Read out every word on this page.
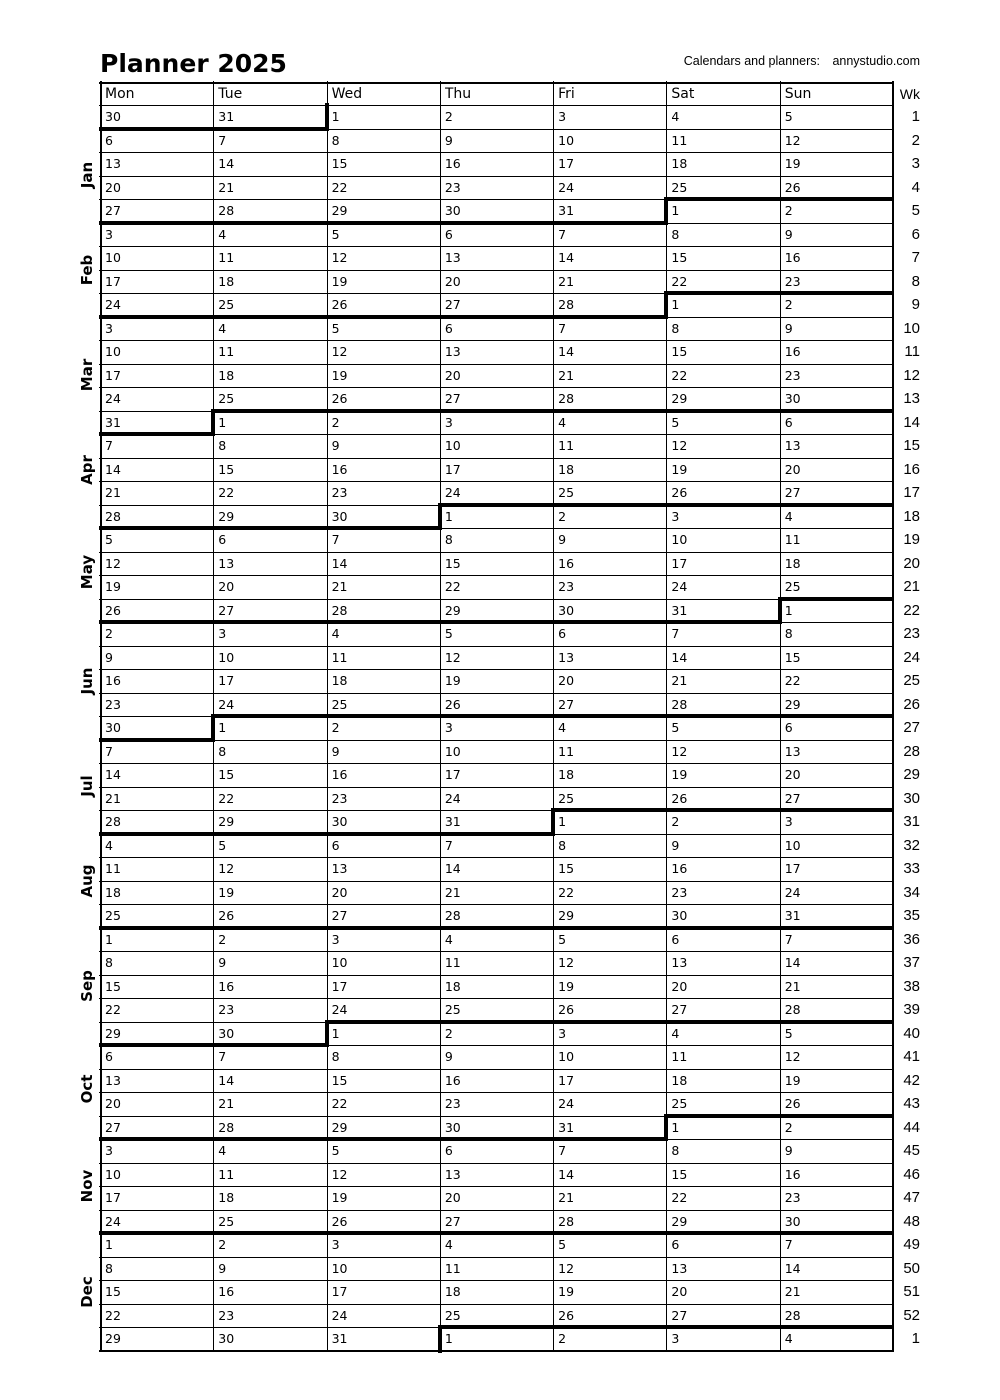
Planner 2025	Calendars and planners: annystudio.com
Mon	Tue	Wed	Thu	Fri	Sat	Sun	Wk
30	31	1	2	3	4	5	1
6	7	8	9	10	11	12	2
13	14	15	16	17	18	19	3
20	21	22	23	24	25	26	4
27	28	29	30	31	1	2	5
3	4	5	6	7	8	9	6
10	11	12	13	14	15	16	7
17	18	19	20	21	22	23	8
24	25	26	27	28	1	2	9
3	4	5	6	7	8	9	10
10	11	12	13	14	15	16	11
17	18	19	20	21	22	23	12
24	25	26	27	28	29	30	13
31	1	2	3	4	5	6	14
7	8	9	10	11	12	13	15
14	15	16	17	18	19	20	16
21	22	23	24	25	26	27	17
28	29	30	1	2	3	4	18
5	6	7	8	9	10	11	19
12	13	14	15	16	17	18	20
19	20	21	22	23	24	25	21
26	27	28	29	30	31	1	22
2	3	4	5	6	7	8	23
9	10	11	12	13	14	15	24
16	17	18	19	20	21	22	25
23	24	25	26	27	28	29	26
30	1	2	3	4	5	6	27
7	8	9	10	11	12	13	28
14	15	16	17	18	19	20	29
21	22	23	24	25	26	27	30
28	29	30	31	1	2	3	31
4	5	6	7	8	9	10	32
11	12	13	14	15	16	17	33
18	19	20	21	22	23	24	34
25	26	27	28	29	30	31	35
1	2	3	4	5	6	7	36
8	9	10	11	12	13	14	37
15	16	17	18	19	20	21	38
22	23	24	25	26	27	28	39
29	30	1	2	3	4	5	40
6	7	8	9	10	11	12	41
13	14	15	16	17	18	19	42
20	21	22	23	24	25	26	43
27	28	29	30	31	1	2	44
3	4	5	6	7	8	9	45
10	11	12	13	14	15	16	46
17	18	19	20	21	22	23	47
24	25	26	27	28	29	30	48
1	2	3	4	5	6	7	49
8	9	10	11	12	13	14	50
15	16	17	18	19	20	21	51
22	23	24	25	26	27	28	52
29	30	31	1	2	3	4	1
Jan
Feb
Mar
Apr
May
Jun
Jul
Aug
Sep
Oct
Nov
Dec
